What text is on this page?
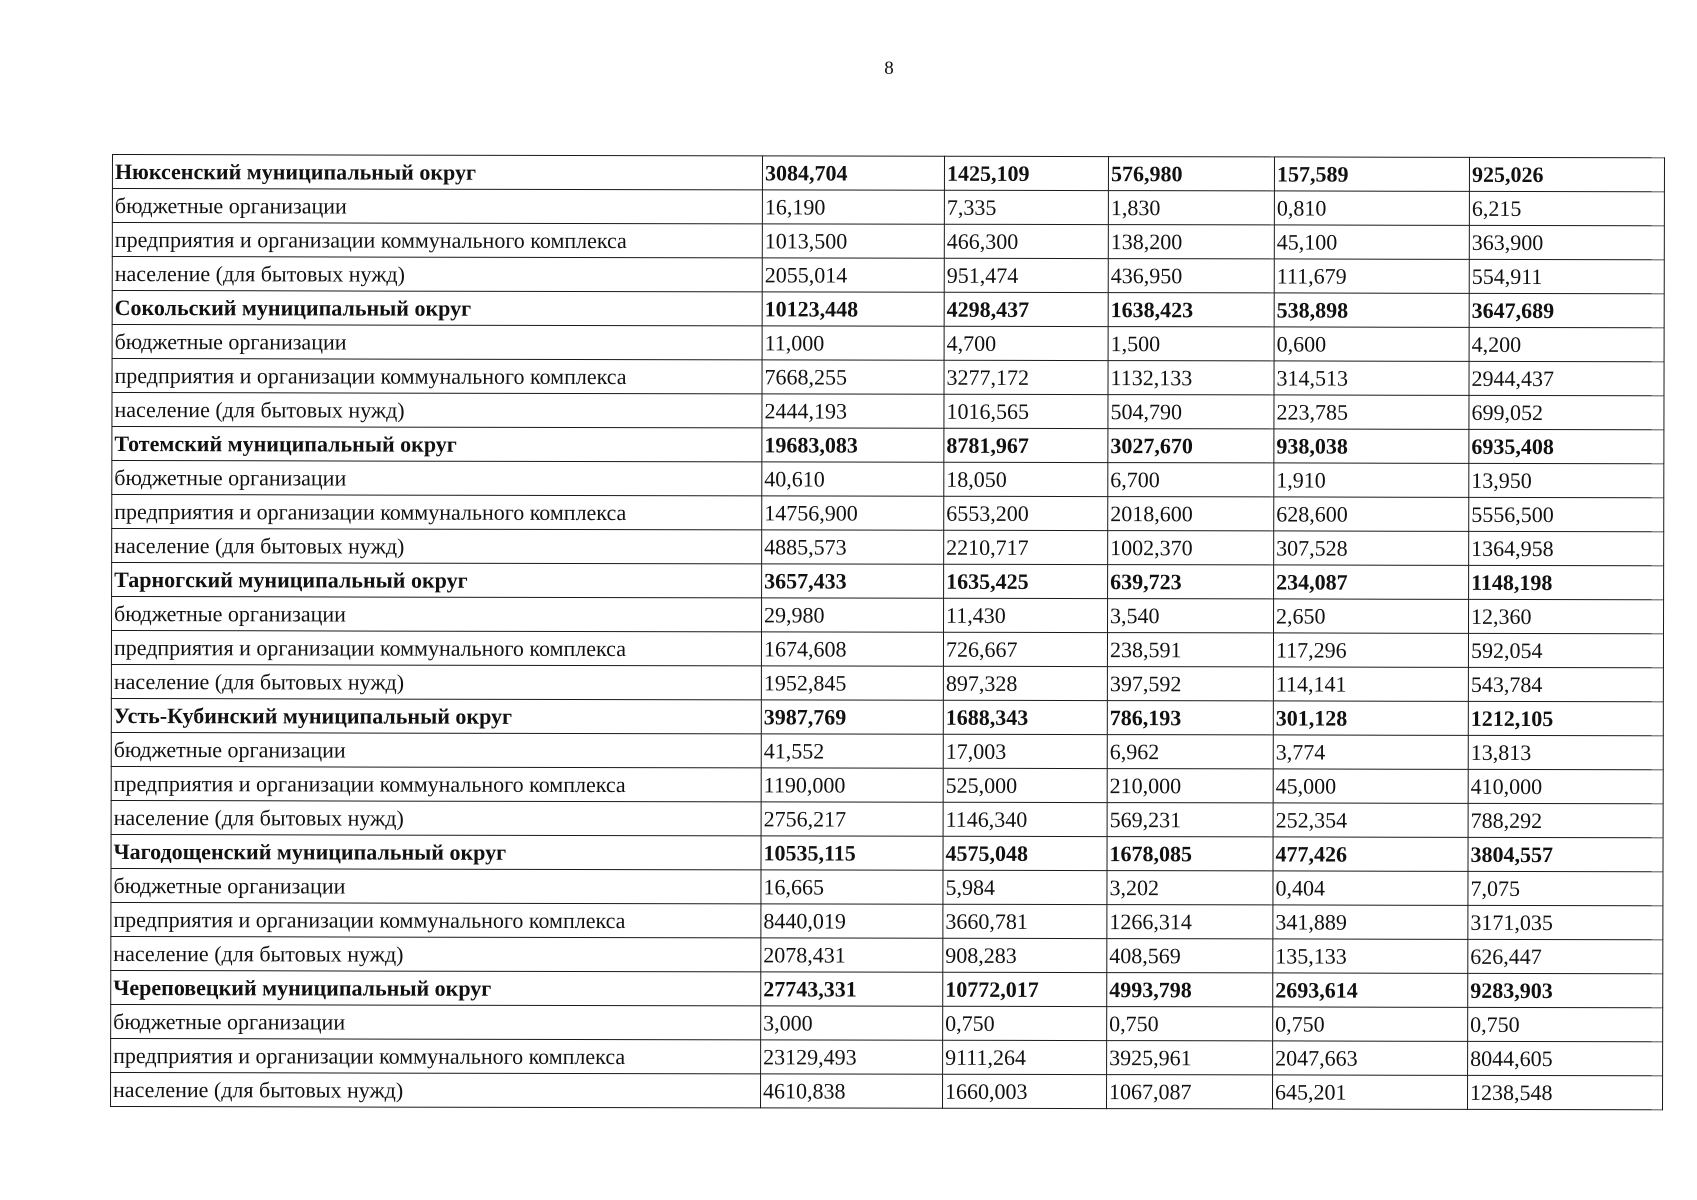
8
Нюксенский муниципальный округ	3084,704	1425,109	576,980	157,589	925,026
бюджетные организации	16,190	7,335	1,830	0,810	6,215
предприятия и организации коммунального комплекса	1013,500	466,300	138,200	45,100	363,900
население (для бытовых нужд)	2055,014	951,474	436,950	111,679	554,911
Сокольский муниципальный округ	10123,448	4298,437	1638,423	538,898	3647,689
бюджетные организации	11,000	4,700	1,500	0,600	4,200
предприятия и организации коммунального комплекса	7668,255	3277,172	1132,133	314,513	2944,437
население (для бытовых нужд)	2444,193	1016,565	504,790	223,785	699,052
Тотемский муниципальный округ	19683,083	8781,967	3027,670	938,038	6935,408
бюджетные организации	40,610	18,050	6,700	1,910	13,950
предприятия и организации коммунального комплекса	14756,900	6553,200	2018,600	628,600	5556,500
население (для бытовых нужд)	4885,573	2210,717	1002,370	307,528	1364,958
Тарногский муниципальный округ	3657,433	1635,425	639,723	234,087	1148,198
бюджетные организации	29,980	11,430	3,540	2,650	12,360
предприятия и организации коммунального комплекса	1674,608	726,667	238,591	117,296	592,054
население (для бытовых нужд)	1952,845	897,328	397,592	114,141	543,784
Усть-Кубинский муниципальный округ	3987,769	1688,343	786,193	301,128	1212,105
бюджетные организации	41,552	17,003	6,962	3,774	13,813
предприятия и организации коммунального комплекса	1190,000	525,000	210,000	45,000	410,000
население (для бытовых нужд)	2756,217	1146,340	569,231	252,354	788,292
Чагодощенский муниципальный округ	10535,115	4575,048	1678,085	477,426	3804,557
бюджетные организации	16,665	5,984	3,202	0,404	7,075
предприятия и организации коммунального комплекса	8440,019	3660,781	1266,314	341,889	3171,035
население (для бытовых нужд)	2078,431	908,283	408,569	135,133	626,447
Череповецкий муниципальный округ	27743,331	10772,017	4993,798	2693,614	9283,903
бюджетные организации	3,000	0,750	0,750	0,750	0,750
предприятия и организации коммунального комплекса	23129,493	9111,264	3925,961	2047,663	8044,605
население (для бытовых нужд)	4610,838	1660,003	1067,087	645,201	1238,548
